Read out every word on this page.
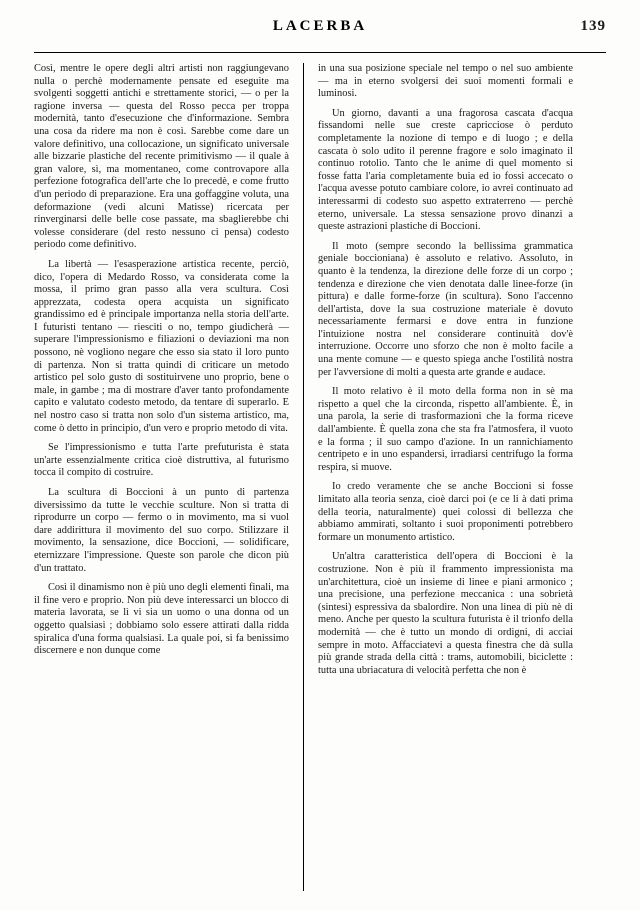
LACERBA	139

Così, mentre le opere degli altri artisti non raggiungevano nulla o perchè modernamente pensate ed eseguite ma svolgenti soggetti antichi e strettamente storici, — o per la ragione inversa — questa del Rosso pecca per troppa modernità, tanto d'esecuzione che d'informazione. Sembra una cosa da ridere ma non è così. Sarebbe come dare un valore definitivo, una collocazione, un significato universale alle bizzarie plastiche del recente primitivismo — il quale à gran valore, sì, ma momentaneo, come controvapore alla perfezione fotografica dell'arte che lo precedè, e come frutto d'un periodo di preparazione. Era una goffaggine voluta, una deformazione (vedi alcuni Matisse) ricercata per rinverginarsi delle belle cose passate, ma sbaglierebbe chi volesse considerare (del resto nessuno ci pensa) codesto periodo come definitivo.

La libertà — l'esasperazione artistica recente, perciò, dico, l'opera di Medardo Rosso, va considerata come la mossa, il primo gran passo alla vera scultura. Così apprezzata, codesta opera acquista un significato grandissimo ed è principale importanza nella storia dell'arte. I futuristi tentano — riesciti o no, tempo giudicherà — superare l'impressionismo e filiazioni o deviazioni ma non possono, nè vogliono negare che esso sia stato il loro punto di partenza. Non si tratta quindi di criticare un metodo artistico pel solo gusto di sostituirvene uno proprio, bene o male, in gambe ; ma di mostrare d'aver tanto profondamente capito e valutato codesto metodo, da tentare di superarlo. E nel nostro caso si tratta non solo d'un sistema artistico, ma, come ò detto in principio, d'un vero e proprio metodo di vita.

Se l'impressionismo e tutta l'arte prefuturista è stata un'arte essenzialmente critica cioè distruttiva, al futurismo tocca il compito di costruire.

La scultura di Boccioni à un punto di partenza diversissimo da tutte le vecchie sculture. Non si tratta di riprodurre un corpo — fermo o in movimento, ma si vuol dare addirittura il movimento del suo corpo. Stilizzare il movimento, la sensazione, dice Boccioni, — solidificare, eternizzare l'impressione. Queste son parole che dicon più d'un trattato.

Così il dinamismo non è più uno degli elementi finali, ma il fine vero e proprio. Non più deve interessarci un blocco di materia lavorata, se lì vi sia un uomo o una donna od un oggetto qualsiasi ; dobbiamo solo essere attirati dalla ridda spiralica d'una forma qualsiasi. La quale poi, si fa benissimo discernere e non dunque come

in una sua posizione speciale nel tempo o nel suo ambiente — ma in eterno svolgersi dei suoi momenti formali e luminosi.

Un giorno, davanti a una fragorosa cascata d'acqua fissandomi nelle sue creste capricciose ò perduto completamente la nozione di tempo e di luogo ; e della cascata ò solo udito il perenne fragore e solo imaginato il continuo rotolìo. Tanto che le anime di quel momento si fosse fatta l'aria completamente buia ed io fossi accecato o l'acqua avesse potuto cambiare colore, io avrei continuato ad interessarmi di codesto suo aspetto extraterreno — perchè eterno, universale. La stessa sensazione provo dinanzi a queste astrazioni plastiche di Boccioni.

Il moto (sempre secondo la bellissima grammatica geniale boccioniana) è assoluto e relativo. Assoluto, in quanto è la tendenza, la direzione delle forze di un corpo ; tendenza e direzione che vien denotata dalle linee-forze (in pittura) e dalle forme-forze (in scultura). Sono l'accenno dell'artista, dove la sua costruzione materiale è dovuto necessariamente fermarsi e dove entra in funzione l'intuizione nostra nel considerare continuità dov'è interruzione. Occorre uno sforzo che non è molto facile a una mente comune — e questo spiega anche l'ostilità nostra per l'avversione di molti a questa arte grande e audace.

Il moto relativo è il moto della forma non in sè ma rispetto a quel che la circonda, rispetto all'ambiente. È, in una parola, la serie di trasformazioni che la forma riceve dall'ambiente. È quella zona che sta fra l'atmosfera, il vuoto e la forma ; il suo campo d'azione. In un rannichiamento centripeto e in uno espandersi, irradiarsi centrifugo la forma respira, si muove.

Io credo veramente che se anche Boccioni si fosse limitato alla teoria senza, cioè darci poi (e ce li à dati prima della teoria, naturalmente) quei colossi di bellezza che abbiamo ammirati, soltanto i suoi proponimenti potrebbero formare un monumento artistico.

Un'altra caratteristica dell'opera di Boccioni è la costruzione. Non è più il frammento impressionista ma un'architettura, cioè un insieme di linee e piani armonico ; una precisione, una perfezione meccanica : una sobrietà (sintesi) espressiva da sbalordire. Non una linea di più nè di meno. Anche per questo la scultura futurista è il trionfo della modernità — che è tutto un mondo di ordigni, di acciai sempre in moto. Affacciatevi a questa finestra che dà sulla più grande strada della città : trams, automobili, biciclette : tutta una ubriacatura di velocità perfetta che non è
